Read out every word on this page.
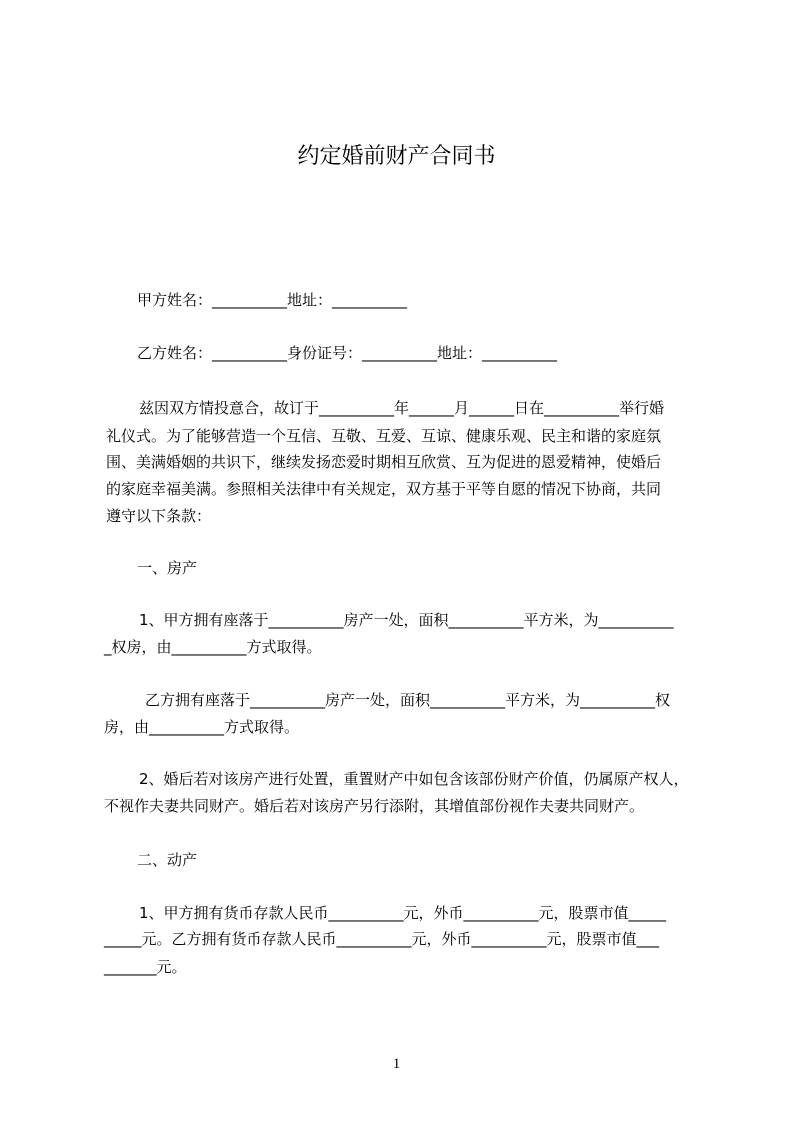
约定婚前财产合同书
甲方姓名：__________地址：__________
乙方姓名：__________身份证号：__________地址：__________
兹因双方情投意合，故订于__________年______月______日在__________举行婚
礼仪式。为了能够营造一个互信、互敬、互爱、互谅、健康乐观、民主和谐的家庭氛
围、美满婚姻的共识下，继续发扬恋爱时期相互欣赏、互为促进的恩爱精神，使婚后
的家庭幸福美满。参照相关法律中有关规定，双方基于平等自愿的情况下协商，共同
遵守以下条款：
一、房产
1、甲方拥有座落于__________房产一处，面积__________平方米，为__________
_权房，由__________方式取得。
乙方拥有座落于__________房产一处，面积__________平方米，为__________权
房，由__________方式取得。
2、婚后若对该房产进行处置，重置财产中如包含该部份财产价值，仍属原产权人，
不视作夫妻共同财产。婚后若对该房产另行添附，其增值部份视作夫妻共同财产。
二、动产
1、甲方拥有货币存款人民币__________元，外币__________元，股票市值_____
_____元。乙方拥有货币存款人民币__________元，外币__________元，股票市值___
_______元。
1
